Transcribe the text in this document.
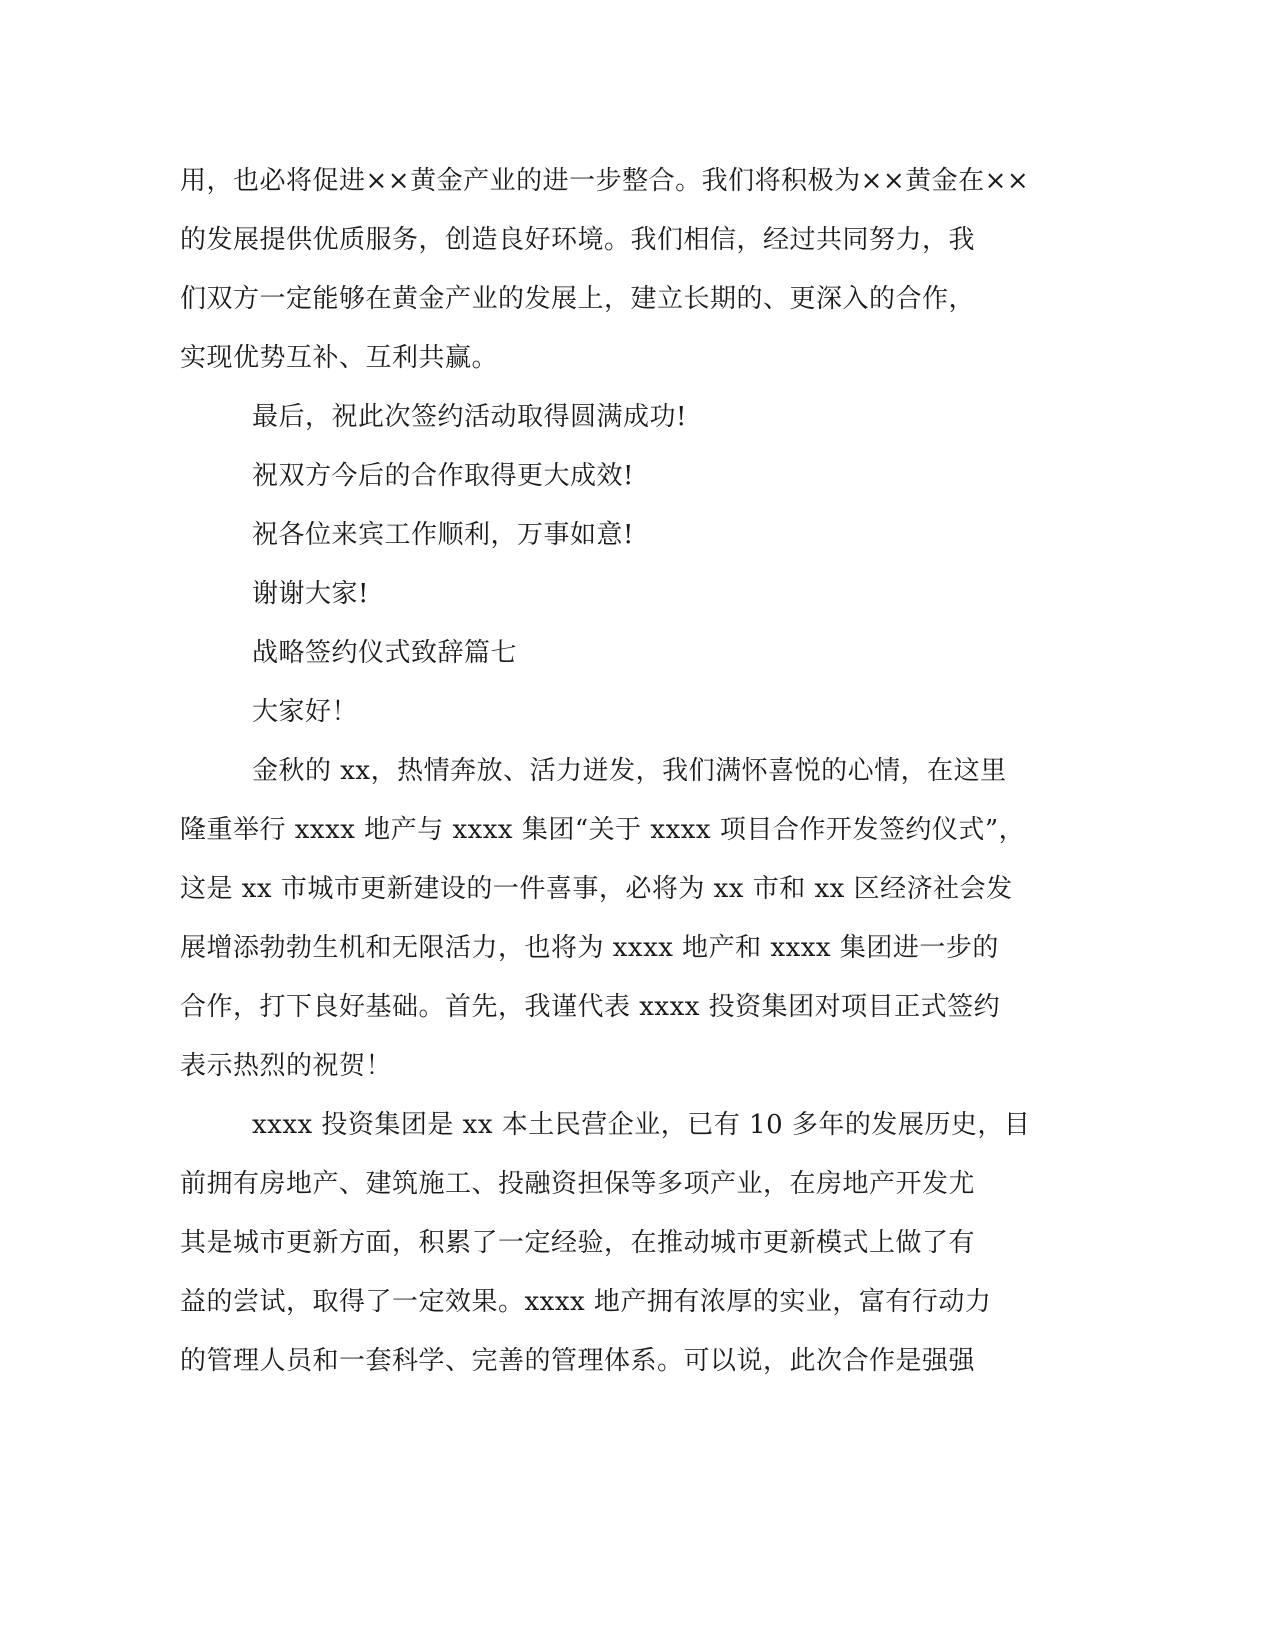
用，也必将促进××黄金产业的进一步整合。我们将积极为××黄金在××
的发展提供优质服务，创造良好环境。我们相信，经过共同努力，我
们双方一定能够在黄金产业的发展上，建立长期的、更深入的合作，
实现优势互补、互利共赢。
最后，祝此次签约活动取得圆满成功!
祝双方今后的合作取得更大成效!
祝各位来宾工作顺利，万事如意!
谢谢大家!
战略签约仪式致辞篇七
大家好！
金秋的 xx，热情奔放、活力迸发，我们满怀喜悦的心情，在这里
隆重举行 xxxx 地产与 xxxx 集团“关于 xxxx 项目合作开发签约仪式”，
这是 xx 市城市更新建设的一件喜事，必将为 xx 市和 xx 区经济社会发
展增添勃勃生机和无限活力，也将为 xxxx 地产和 xxxx 集团进一步的
合作，打下良好基础。首先，我谨代表 xxxx 投资集团对项目正式签约
表示热烈的祝贺！
xxxx 投资集团是 xx 本土民营企业，已有 10 多年的发展历史，目
前拥有房地产、建筑施工、投融资担保等多项产业，在房地产开发尤
其是城市更新方面，积累了一定经验，在推动城市更新模式上做了有
益的尝试，取得了一定效果。xxxx 地产拥有浓厚的实业，富有行动力
的管理人员和一套科学、完善的管理体系。可以说，此次合作是强强
